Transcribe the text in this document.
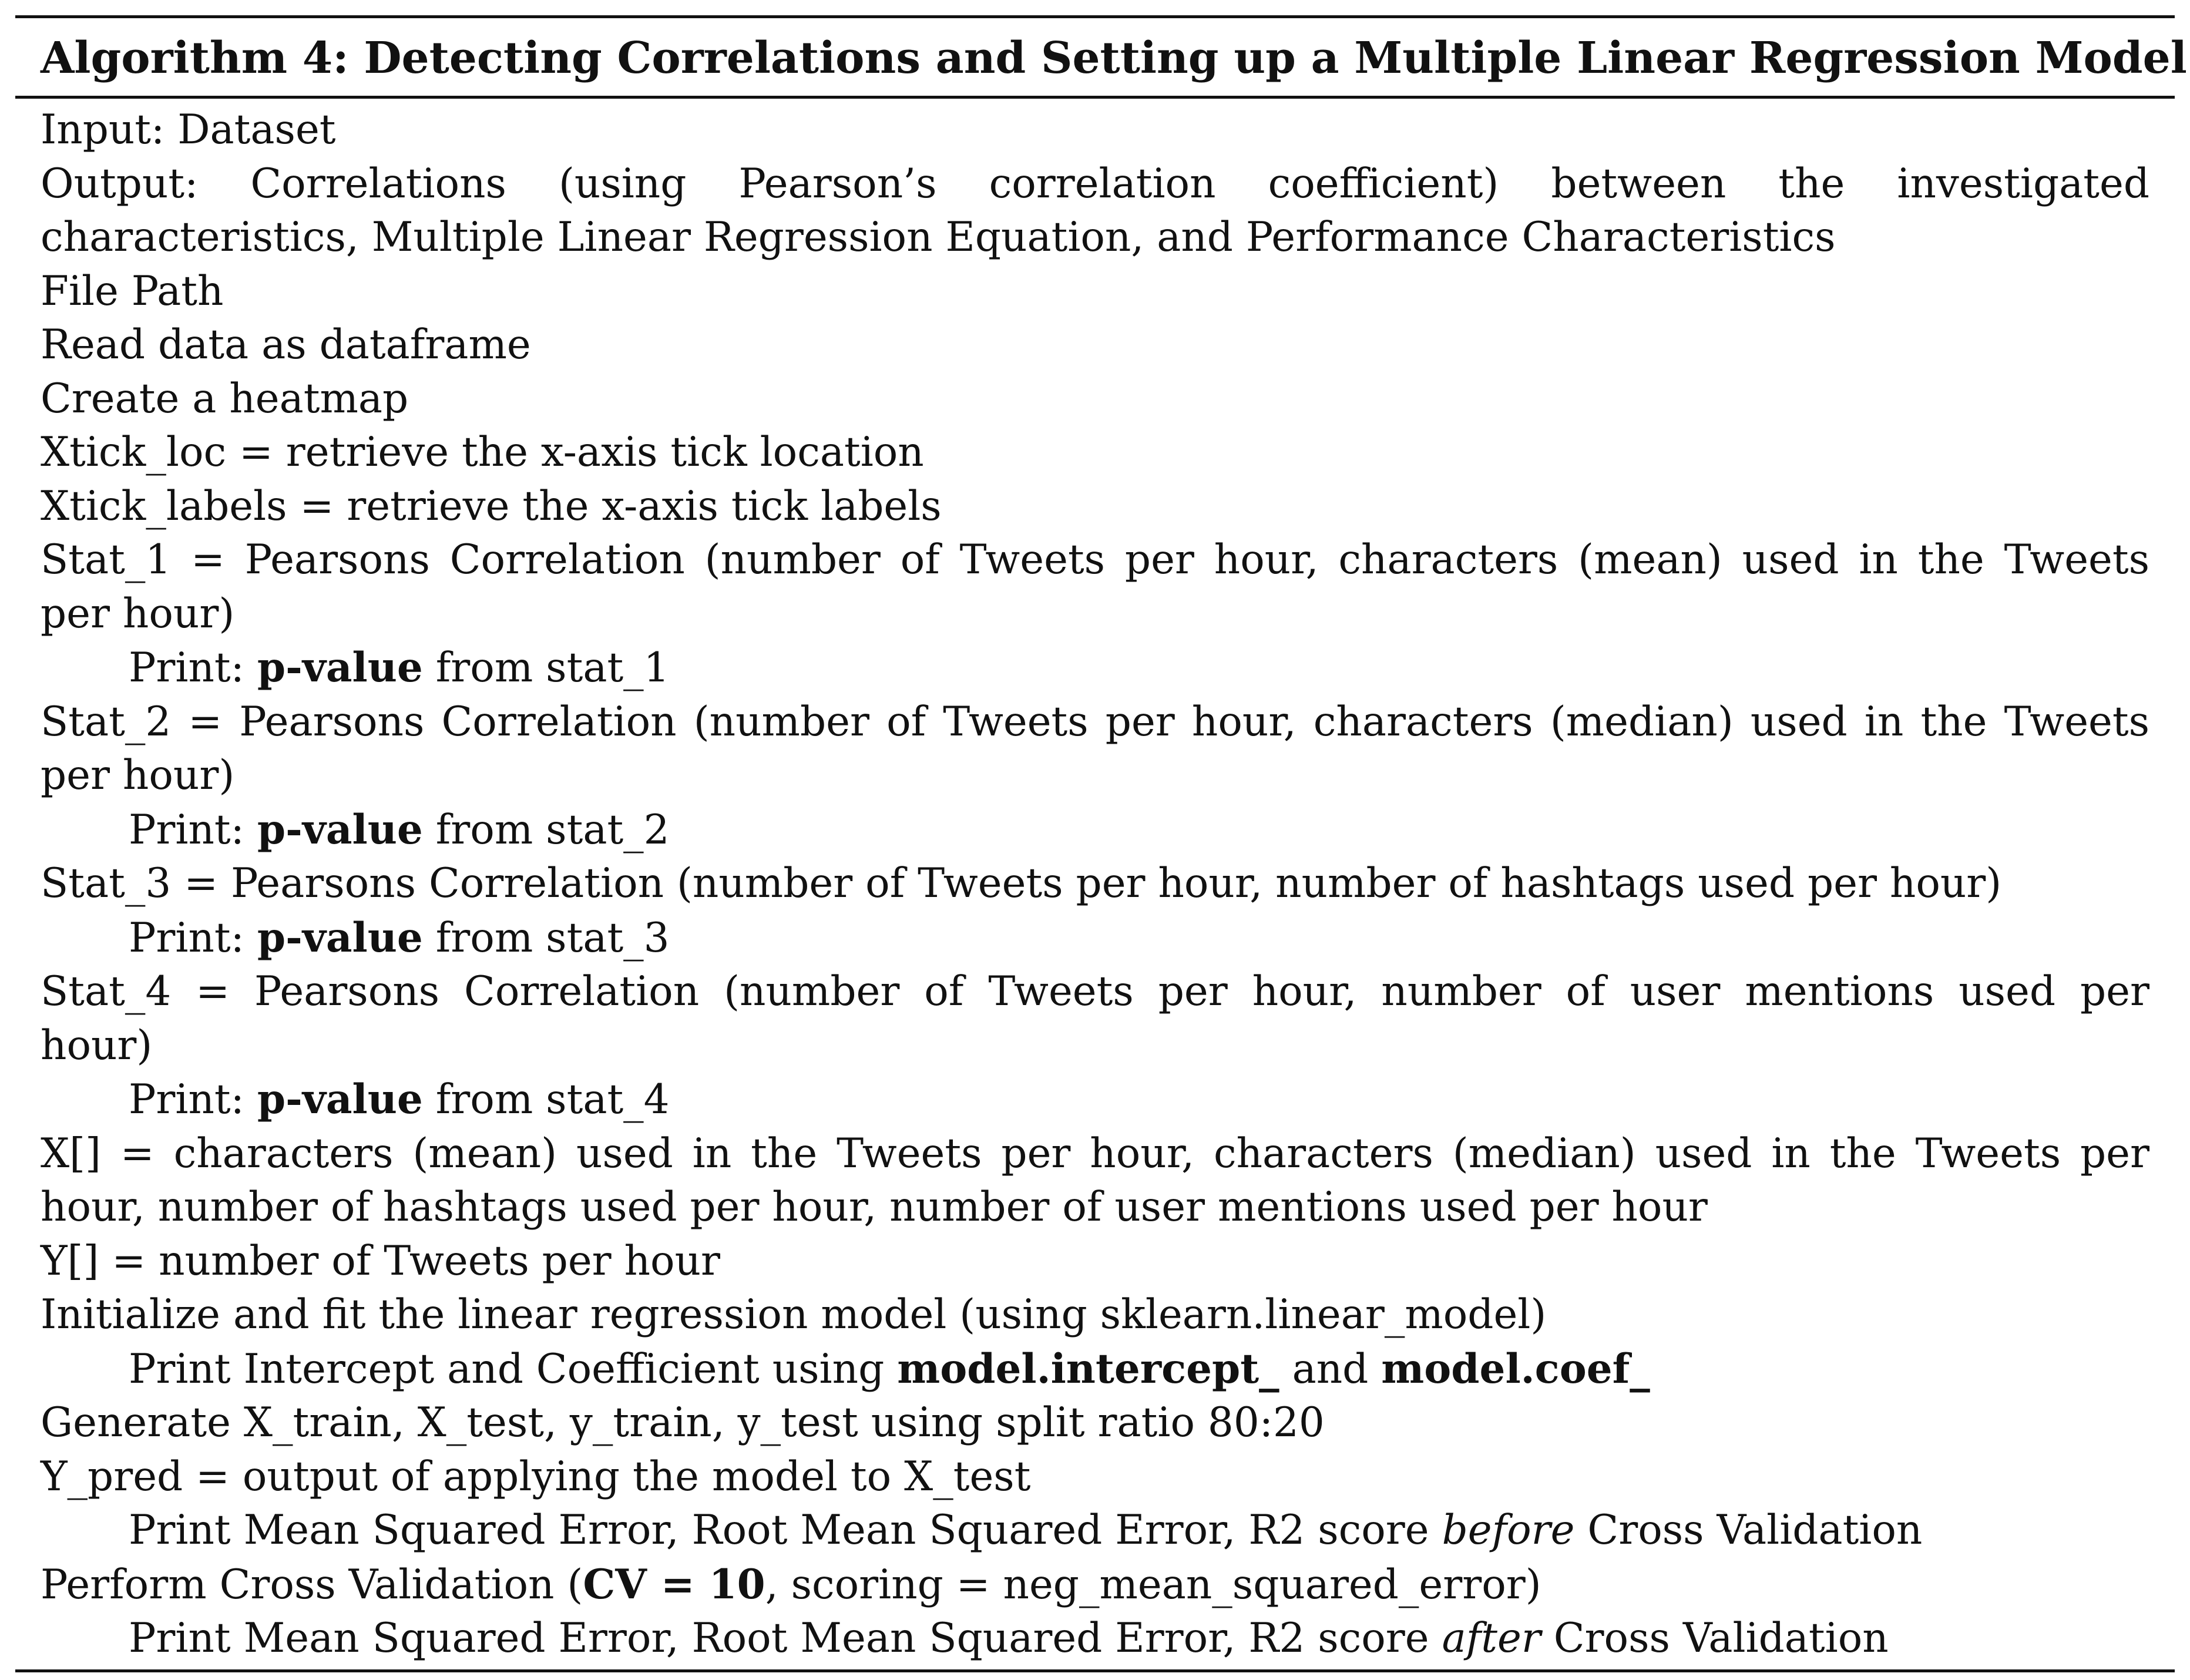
Algorithm 4: Detecting Correlations and Setting up a Multiple Linear Regression Model
Input: Dataset
Output: Correlations (using Pearson’s correlation coefficient) between the investigated
characteristics, Multiple Linear Regression Equation, and Performance Characteristics
File Path
Read data as dataframe
Create a heatmap
Xtick_loc = retrieve the x-axis tick location
Xtick_labels = retrieve the x-axis tick labels
Stat_1 = Pearsons Correlation (number of Tweets per hour, characters (mean) used in the Tweets
per hour)
Print: p-value from stat_1
Stat_2 = Pearsons Correlation (number of Tweets per hour, characters (median) used in the Tweets
per hour)
Print: p-value from stat_2
Stat_3 = Pearsons Correlation (number of Tweets per hour, number of hashtags used per hour)
Print: p-value from stat_3
Stat_4 = Pearsons Correlation (number of Tweets per hour, number of user mentions used per
hour)
Print: p-value from stat_4
X[] = characters (mean) used in the Tweets per hour, characters (median) used in the Tweets per
hour, number of hashtags used per hour, number of user mentions used per hour
Y[] = number of Tweets per hour
Initialize and fit the linear regression model (using sklearn.linear_model)
Print Intercept and Coefficient using model.intercept_ and model.coef_
Generate X_train, X_test, y_train, y_test using split ratio 80:20
Y_pred = output of applying the model to X_test
Print Mean Squared Error, Root Mean Squared Error, R2 score before Cross Validation
Perform Cross Validation (CV = 10, scoring = neg_mean_squared_error)
Print Mean Squared Error, Root Mean Squared Error, R2 score after Cross Validation
